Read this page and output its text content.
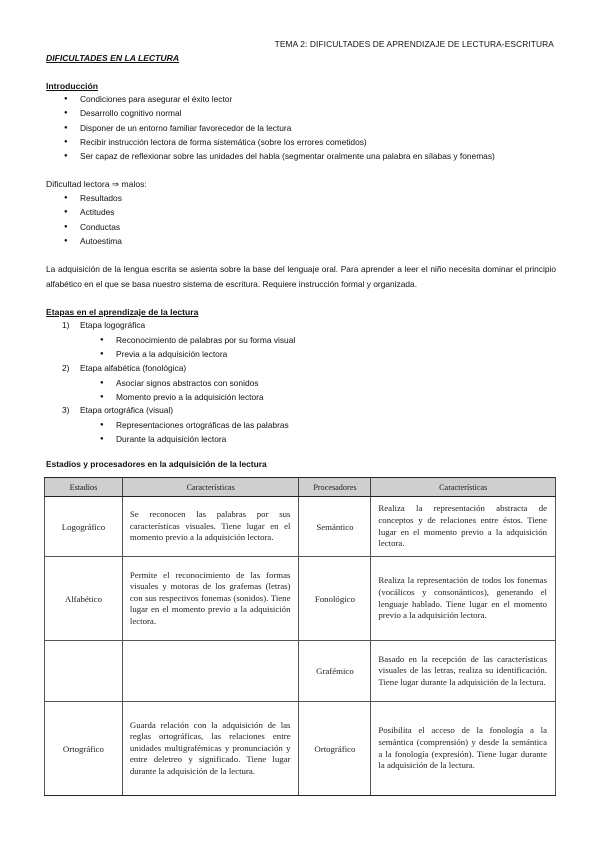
TEMA 2: DIFICULTADES DE APRENDIZAJE DE LECTURA-ESCRITURA
DIFICULTADES EN LA LECTURA
Introducción
● Condiciones para asegurar el éxito lector
● Desarrollo cognitivo normal
● Disponer de un entorno familiar favorecedor de la lectura
● Recibir instrucción lectora de forma sistemática (sobre los errores cometidos)
● Ser capaz de reflexionar sobre las unidades del habla (segmentar oralmente una palabra en sílabas y fonemas)
Dificultad lectora ⇒ malos:
● Resultados
● Actitudes
● Conductas
● Autoestima
La adquisición de la lengua escrita se asienta sobre la base del lenguaje oral. Para aprender a leer el niño necesita dominar el principio alfabético en el que se basa nuestro sistema de escritura. Requiere instrucción formal y organizada.
Etapas en el aprendizaje de la lectura
1) Etapa logográfica
● Reconocimiento de palabras por su forma visual
● Previa a la adquisición lectora
2) Etapa alfabética (fonológica)
● Asociar signos abstractos con sonidos
● Momento previo a la adquisición lectora
3) Etapa ortográfica (visual)
● Representaciones ortográficas de las palabras
● Durante la adquisición lectora
Estadios y procesadores en la adquisición de la lectura
Estadios	Características	Procesadores	Características
Logográfico	Se reconocen las palabras por sus características visuales. Tiene lugar en el momento previo a la adquisición lectora.	Semántico	Realiza la representación abstracta de conceptos y de relaciones entre éstos. Tiene lugar en el momento previo a la adquisición lectora.
Alfabético	Permite el reconocimiento de las formas visuales y motoras de los grafemas (letras) con sus respectivos fonemas (sonidos). Tiene lugar en el momento previo a la adquisición lectora.	Fonológico	Realiza la representación de todos los fonemas (vocálicos y consonánticos), generando el lenguaje hablado. Tiene lugar en el momento previo a la adquisición lectora.
		Grafémico	Basado en la recepción de las características visuales de las letras, realiza su identificación. Tiene lugar durante la adquisición de la lectura.
Ortográfico	Guarda relación con la adquisición de las reglas ortográficas, las relaciones entre unidades multigrafémicas y pronunciación y entre deletreo y significado. Tiene lugar durante la adquisición de la lectura.	Ortográfico	Posibilita el acceso de la fonología a la semántica (comprensión) y desde la semántica a la fonología (expresión). Tiene lugar durante la adquisición de la lectura.
